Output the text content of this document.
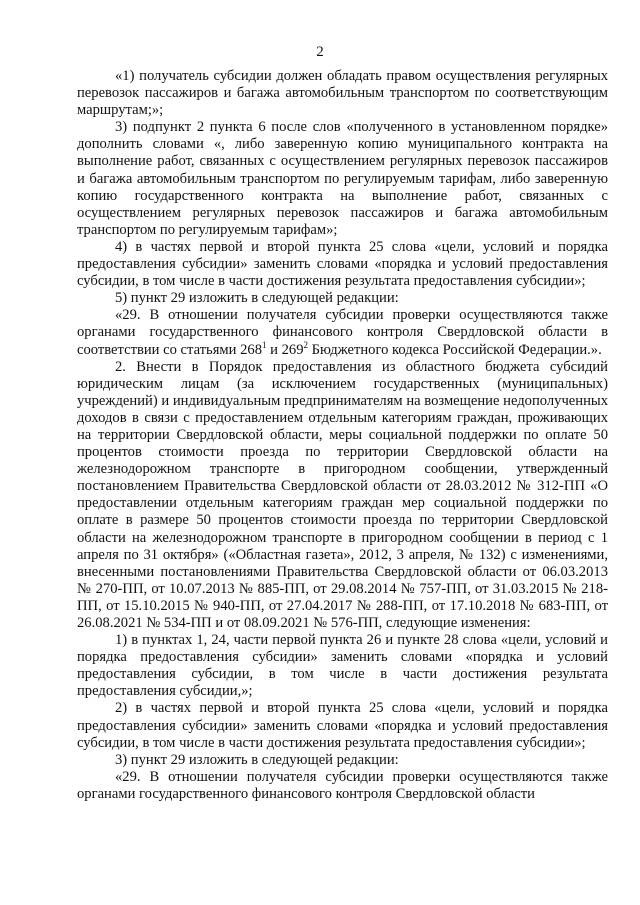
2

«1) получатель субсидии должен обладать правом осуществления регулярных перевозок пассажиров и багажа автомобильным транспортом по соответствующим маршрутам;»;

3) подпункт 2 пункта 6 после слов «полученного в установленном порядке» дополнить словами «, либо заверенную копию муниципального контракта на выполнение работ, связанных с осуществлением регулярных перевозок пассажиров и багажа автомобильным транспортом по регулируемым тарифам, либо заверенную копию государственного контракта на выполнение работ, связанных с осуществлением регулярных перевозок пассажиров и багажа автомобильным транспортом по регулируемым тарифам»;

4) в частях первой и второй пункта 25 слова «цели, условий и порядка предоставления субсидии» заменить словами «порядка и условий предоставления субсидии, в том числе в части достижения результата предоставления субсидии»;

5) пункт 29 изложить в следующей редакции:

«29. В отношении получателя субсидии проверки осуществляются также органами государственного финансового контроля Свердловской области в соответствии со статьями $268^1$ и $269^2$ Бюджетного кодекса Российской Федерации.».

2. Внести в Порядок предоставления из областного бюджета субсидий юридическим лицам (за исключением государственных (муниципальных) учреждений) и индивидуальным предпринимателям на возмещение недополученных доходов в связи с предоставлением отдельным категориям граждан, проживающих на территории Свердловской области, меры социальной поддержки по оплате 50 процентов стоимости проезда по территории Свердловской области на железнодорожном транспорте в пригородном сообщении, утвержденный постановлением Правительства Свердловской области от 28.03.2012 № 312-ПП «О предоставлении отдельным категориям граждан мер социальной поддержки по оплате в размере 50 процентов стоимости проезда по территории Свердловской области на железнодорожном транспорте в пригородном сообщении в период с 1 апреля по 31 октября» («Областная газета», 2012, 3 апреля, № 132) с изменениями, внесенными постановлениями Правительства Свердловской области от 06.03.2013 № 270-ПП, от 10.07.2013 № 885-ПП, от 29.08.2014 № 757-ПП, от 31.03.2015 № 218-ПП, от 15.10.2015 № 940-ПП, от 27.04.2017 № 288-ПП, от 17.10.2018 № 683-ПП, от 26.08.2021 № 534-ПП и от 08.09.2021 № 576-ПП, следующие изменения:

1) в пунктах 1, 24, части первой пункта 26 и пункте 28 слова «цели, условий и порядка предоставления субсидии» заменить словами «порядка и условий предоставления субсидии, в том числе в части достижения результата предоставления субсидии,»;

2) в частях первой и второй пункта 25 слова «цели, условий и порядка предоставления субсидии» заменить словами «порядка и условий предоставления субсидии, в том числе в части достижения результата предоставления субсидии»;

3) пункт 29 изложить в следующей редакции:

«29. В отношении получателя субсидии проверки осуществляются также органами государственного финансового контроля Свердловской области
